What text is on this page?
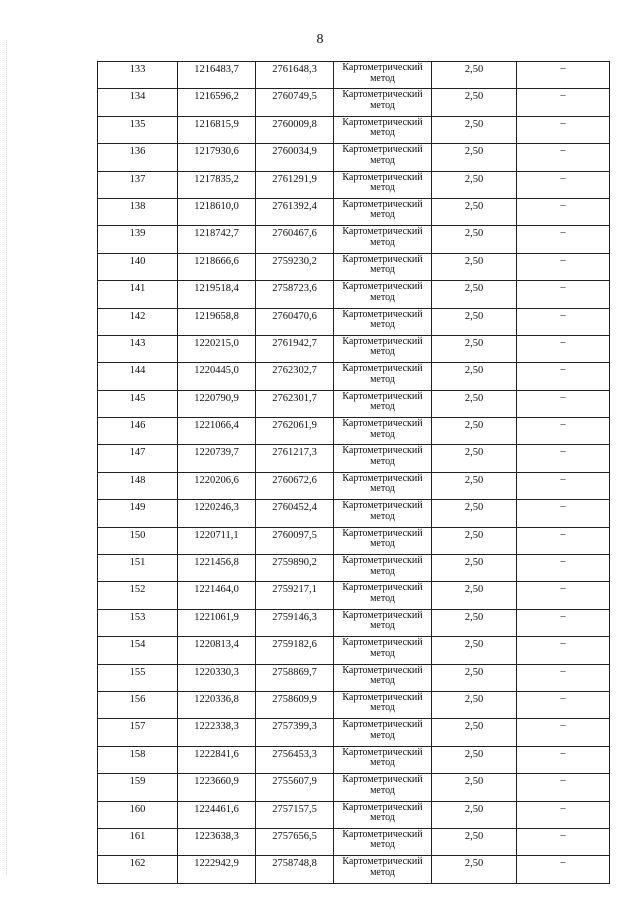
8
133	1216483,7	2761648,3	Картометрический метод	2,50	–
134	1216596,2	2760749,5	Картометрический метод	2,50	–
135	1216815,9	2760009,8	Картометрический метод	2,50	–
136	1217930,6	2760034,9	Картометрический метод	2,50	–
137	1217835,2	2761291,9	Картометрический метод	2,50	–
138	1218610,0	2761392,4	Картометрический метод	2,50	–
139	1218742,7	2760467,6	Картометрический метод	2,50	–
140	1218666,6	2759230,2	Картометрический метод	2,50	–
141	1219518,4	2758723,6	Картометрический метод	2,50	–
142	1219658,8	2760470,6	Картометрический метод	2,50	–
143	1220215,0	2761942,7	Картометрический метод	2,50	–
144	1220445,0	2762302,7	Картометрический метод	2,50	–
145	1220790,9	2762301,7	Картометрический метод	2,50	–
146	1221066,4	2762061,9	Картометрический метод	2,50	–
147	1220739,7	2761217,3	Картометрический метод	2,50	–
148	1220206,6	2760672,6	Картометрический метод	2,50	–
149	1220246,3	2760452,4	Картометрический метод	2,50	–
150	1220711,1	2760097,5	Картометрический метод	2,50	–
151	1221456,8	2759890,2	Картометрический метод	2,50	–
152	1221464,0	2759217,1	Картометрический метод	2,50	–
153	1221061,9	2759146,3	Картометрический метод	2,50	–
154	1220813,4	2759182,6	Картометрический метод	2,50	–
155	1220330,3	2758869,7	Картометрический метод	2,50	–
156	1220336,8	2758609,9	Картометрический метод	2,50	–
157	1222338,3	2757399,3	Картометрический метод	2,50	–
158	1222841,6	2756453,3	Картометрический метод	2,50	–
159	1223660,9	2755607,9	Картометрический метод	2,50	–
160	1224461,6	2757157,5	Картометрический метод	2,50	–
161	1223638,3	2757656,5	Картометрический метод	2,50	–
162	1222942,9	2758748,8	Картометрический метод	2,50	–
